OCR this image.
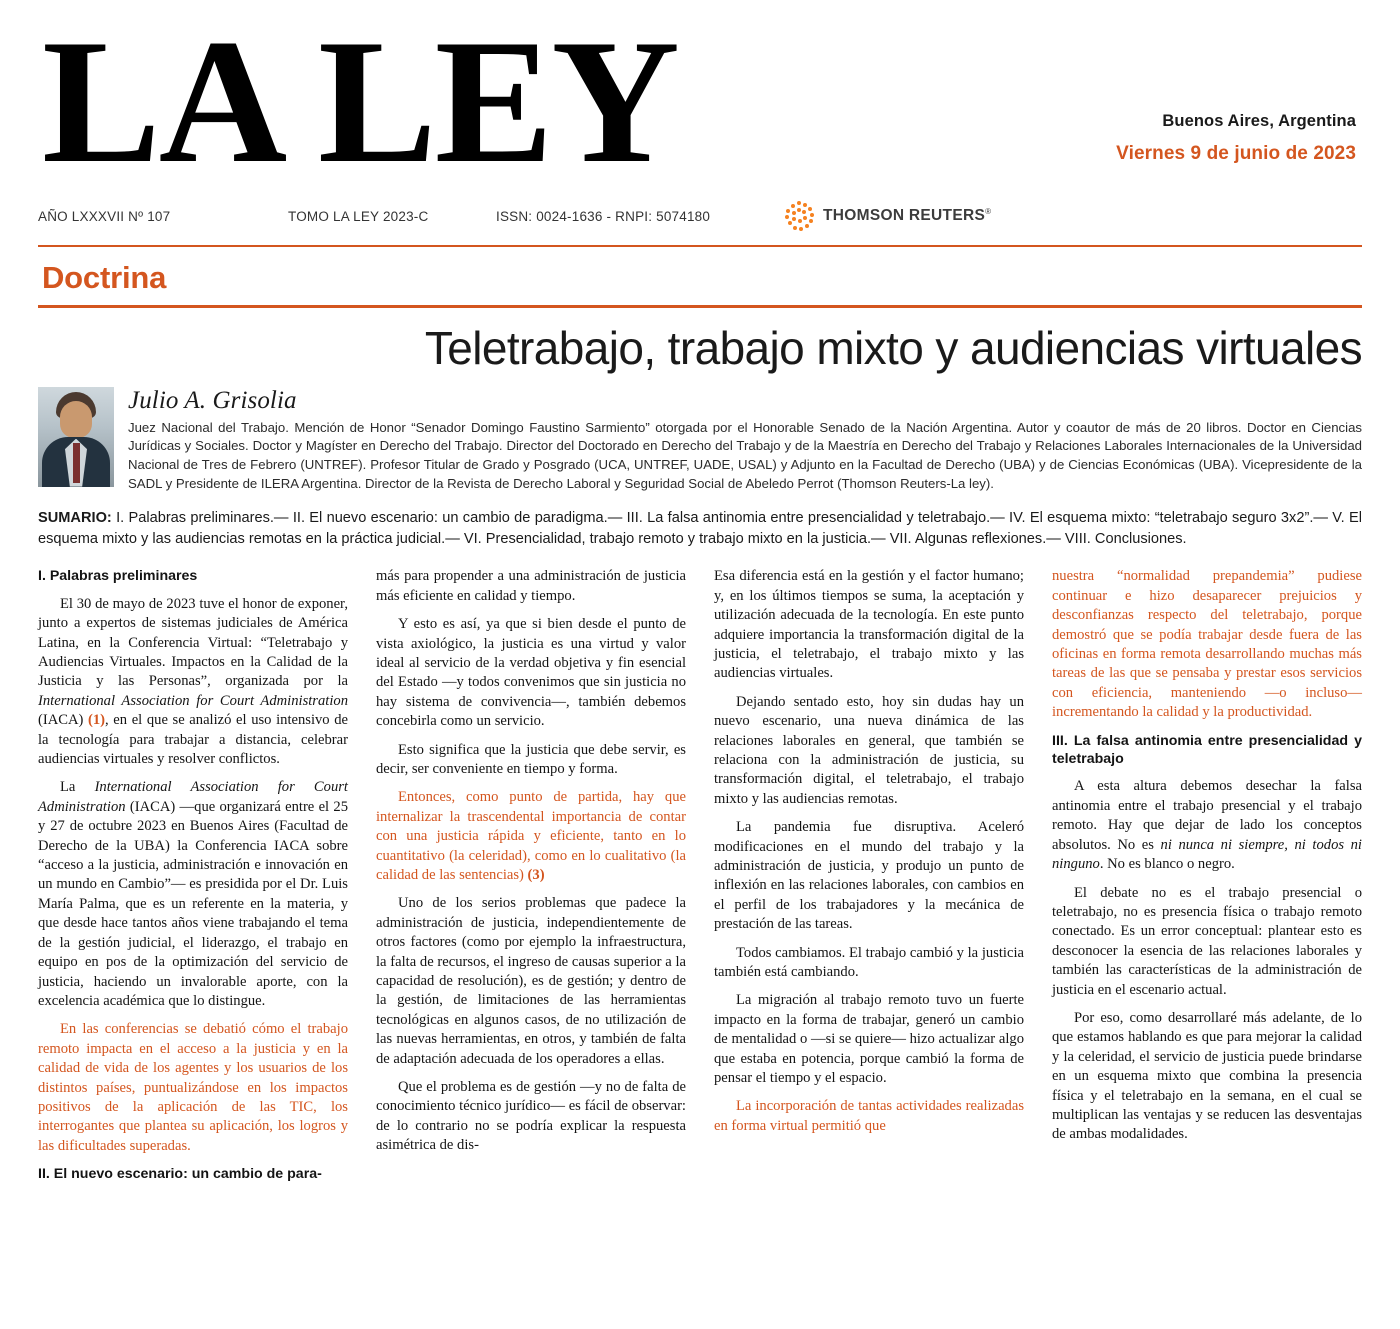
LA LEY	Buenos Aires, Argentina
Viernes 9 de junio de 2023
AÑO LXXXVII Nº 107	TOMO LA LEY 2023-C	ISSN: 0024-1636 - RNPI: 5074180	THOMSON REUTERS®
Doctrina
Teletrabajo, trabajo mixto y audiencias virtuales
Julio A. Grisolia
Juez Nacional del Trabajo. Mención de Honor “Senador Domingo Faustino Sarmiento” otorgada por el Honorable Senado de la Nación Argentina. Autor y coautor de más de 20 libros. Doctor en Ciencias Jurídicas y Sociales. Doctor y Magíster en Derecho del Trabajo. Director del Doctorado en Derecho del Trabajo y de la Maestría en Derecho del Trabajo y Relaciones Laborales Internacionales de la Universidad Nacional de Tres de Febrero (UNTREF). Profesor Titular de Grado y Posgrado (UCA, UNTREF, UADE, USAL) y Adjunto en la Facultad de Derecho (UBA) y de Ciencias Económicas (UBA). Vicepresidente de la SADL y Presidente de ILERA Argentina. Director de la Revista de Derecho Laboral y Seguridad Social de Abeledo Perrot (Thomson Reuters-La ley).
SUMARIO: I. Palabras preliminares.— II. El nuevo escenario: un cambio de paradigma.— III. La falsa antinomia entre presencialidad y teletrabajo.— IV. El esquema mixto: “teletrabajo seguro 3x2”.— V. El esquema mixto y las audiencias remotas en la práctica judicial.— VI. Presencialidad, trabajo remoto y trabajo mixto en la justicia.— VII. Algunas reflexiones.— VIII. Conclusiones.
I. Palabras preliminares

El 30 de mayo de 2023 tuve el honor de exponer, junto a expertos de sistemas judiciales de América Latina, en la Conferencia Virtual: “Teletrabajo y Audiencias Virtuales. Impactos en la Calidad de la Justicia y las Personas”, organizada por la International Association for Court Administration (IACA) (1), en el que se analizó el uso intensivo de la tecnología para trabajar a distancia, celebrar audiencias virtuales y resolver conflictos.

La International Association for Court Administration (IACA) —que organizará entre el 25 y 27 de octubre 2023 en Buenos Aires (Facultad de Derecho de la UBA) la Conferencia IACA sobre “acceso a la justicia, administración e innovación en un mundo en Cambio”— es presidida por el Dr. Luis María Palma, que es un referente en la materia, y que desde hace tantos años viene trabajando el tema de la gestión judicial, el liderazgo, el trabajo en equipo en pos de la optimización del servicio de justicia, haciendo un invalorable aporte, con la excelencia académica que lo distingue.

En las conferencias se debatió cómo el trabajo remoto impacta en el acceso a la justicia y en la calidad de vida de los agentes y los usuarios de los distintos países, puntualizándose en los impactos positivos de la aplicación de las TIC, los interrogantes que plantea su aplicación, los logros y las dificultades superadas.

II. El nuevo escenario: un cambio de para-

más para propender a una administración de justicia más eficiente en calidad y tiempo.

Y esto es así, ya que si bien desde el punto de vista axiológico, la justicia es una virtud y valor ideal al servicio de la verdad objetiva y fin esencial del Estado —y todos convenimos que sin justicia no hay sistema de convivencia—, también debemos concebirla como un servicio.

Esto significa que la justicia que debe servir, es decir, ser conveniente en tiempo y forma.

Entonces, como punto de partida, hay que internalizar la trascendental importancia de contar con una justicia rápida y eficiente, tanto en lo cuantitativo (la celeridad), como en lo cualitativo (la calidad de las sentencias) (3)

Uno de los serios problemas que padece la administración de justicia, independientemente de otros factores (como por ejemplo la infraestructura, la falta de recursos, el ingreso de causas superior a la capacidad de resolución), es de gestión; y dentro de la gestión, de limitaciones de las herramientas tecnológicas en algunos casos, de no utilización de las nuevas herramientas, en otros, y también de falta de adaptación adecuada de los operadores a ellas.

Que el problema es de gestión —y no de falta de conocimiento técnico jurídico— es fácil de observar: de lo contrario no se podría explicar la respuesta asimétrica de dis-

Esa diferencia está en la gestión y el factor humano; y, en los últimos tiempos se suma, la aceptación y utilización adecuada de la tecnología. En este punto adquiere importancia la transformación digital de la justicia, el teletrabajo, el trabajo mixto y las audiencias virtuales.

Dejando sentado esto, hoy sin dudas hay un nuevo escenario, una nueva dinámica de las relaciones laborales en general, que también se relaciona con la administración de justicia, su transformación digital, el teletrabajo, el trabajo mixto y las audiencias remotas.

La pandemia fue disruptiva. Aceleró modificaciones en el mundo del trabajo y la administración de justicia, y produjo un punto de inflexión en las relaciones laborales, con cambios en el perfil de los trabajadores y la mecánica de prestación de las tareas.

Todos cambiamos. El trabajo cambió y la justicia también está cambiando.

La migración al trabajo remoto tuvo un fuerte impacto en la forma de trabajar, generó un cambio de mentalidad o —si se quiere— hizo actualizar algo que estaba en potencia, porque cambió la forma de pensar el tiempo y el espacio.

La incorporación de tantas actividades realizadas en forma virtual permitió que

nuestra “normalidad prepandemia” pudiese continuar e hizo desaparecer prejuicios y desconfianzas respecto del teletrabajo, porque demostró que se podía trabajar desde fuera de las oficinas en forma remota desarrollando muchas más tareas de las que se pensaba y prestar esos servicios con eficiencia, manteniendo —o incluso— incrementando la calidad y la productividad.

III. La falsa antinomia entre presencialidad y teletrabajo

A esta altura debemos desechar la falsa antinomia entre el trabajo presencial y el trabajo remoto. Hay que dejar de lado los conceptos absolutos. No es ni nunca ni siempre, ni todos ni ninguno. No es blanco o negro.

El debate no es el trabajo presencial o teletrabajo, no es presencia física o trabajo remoto conectado. Es un error conceptual: plantear esto es desconocer la esencia de las relaciones laborales y también las características de la administración de justicia en el escenario actual.

Por eso, como desarrollaré más adelante, de lo que estamos hablando es que para mejorar la calidad y la celeridad, el servicio de justicia puede brindarse en un esquema mixto que combina la presencia física y el teletrabajo en la semana, en el cual se multiplican las ventajas y se reducen las desventajas de ambas modalidades.
